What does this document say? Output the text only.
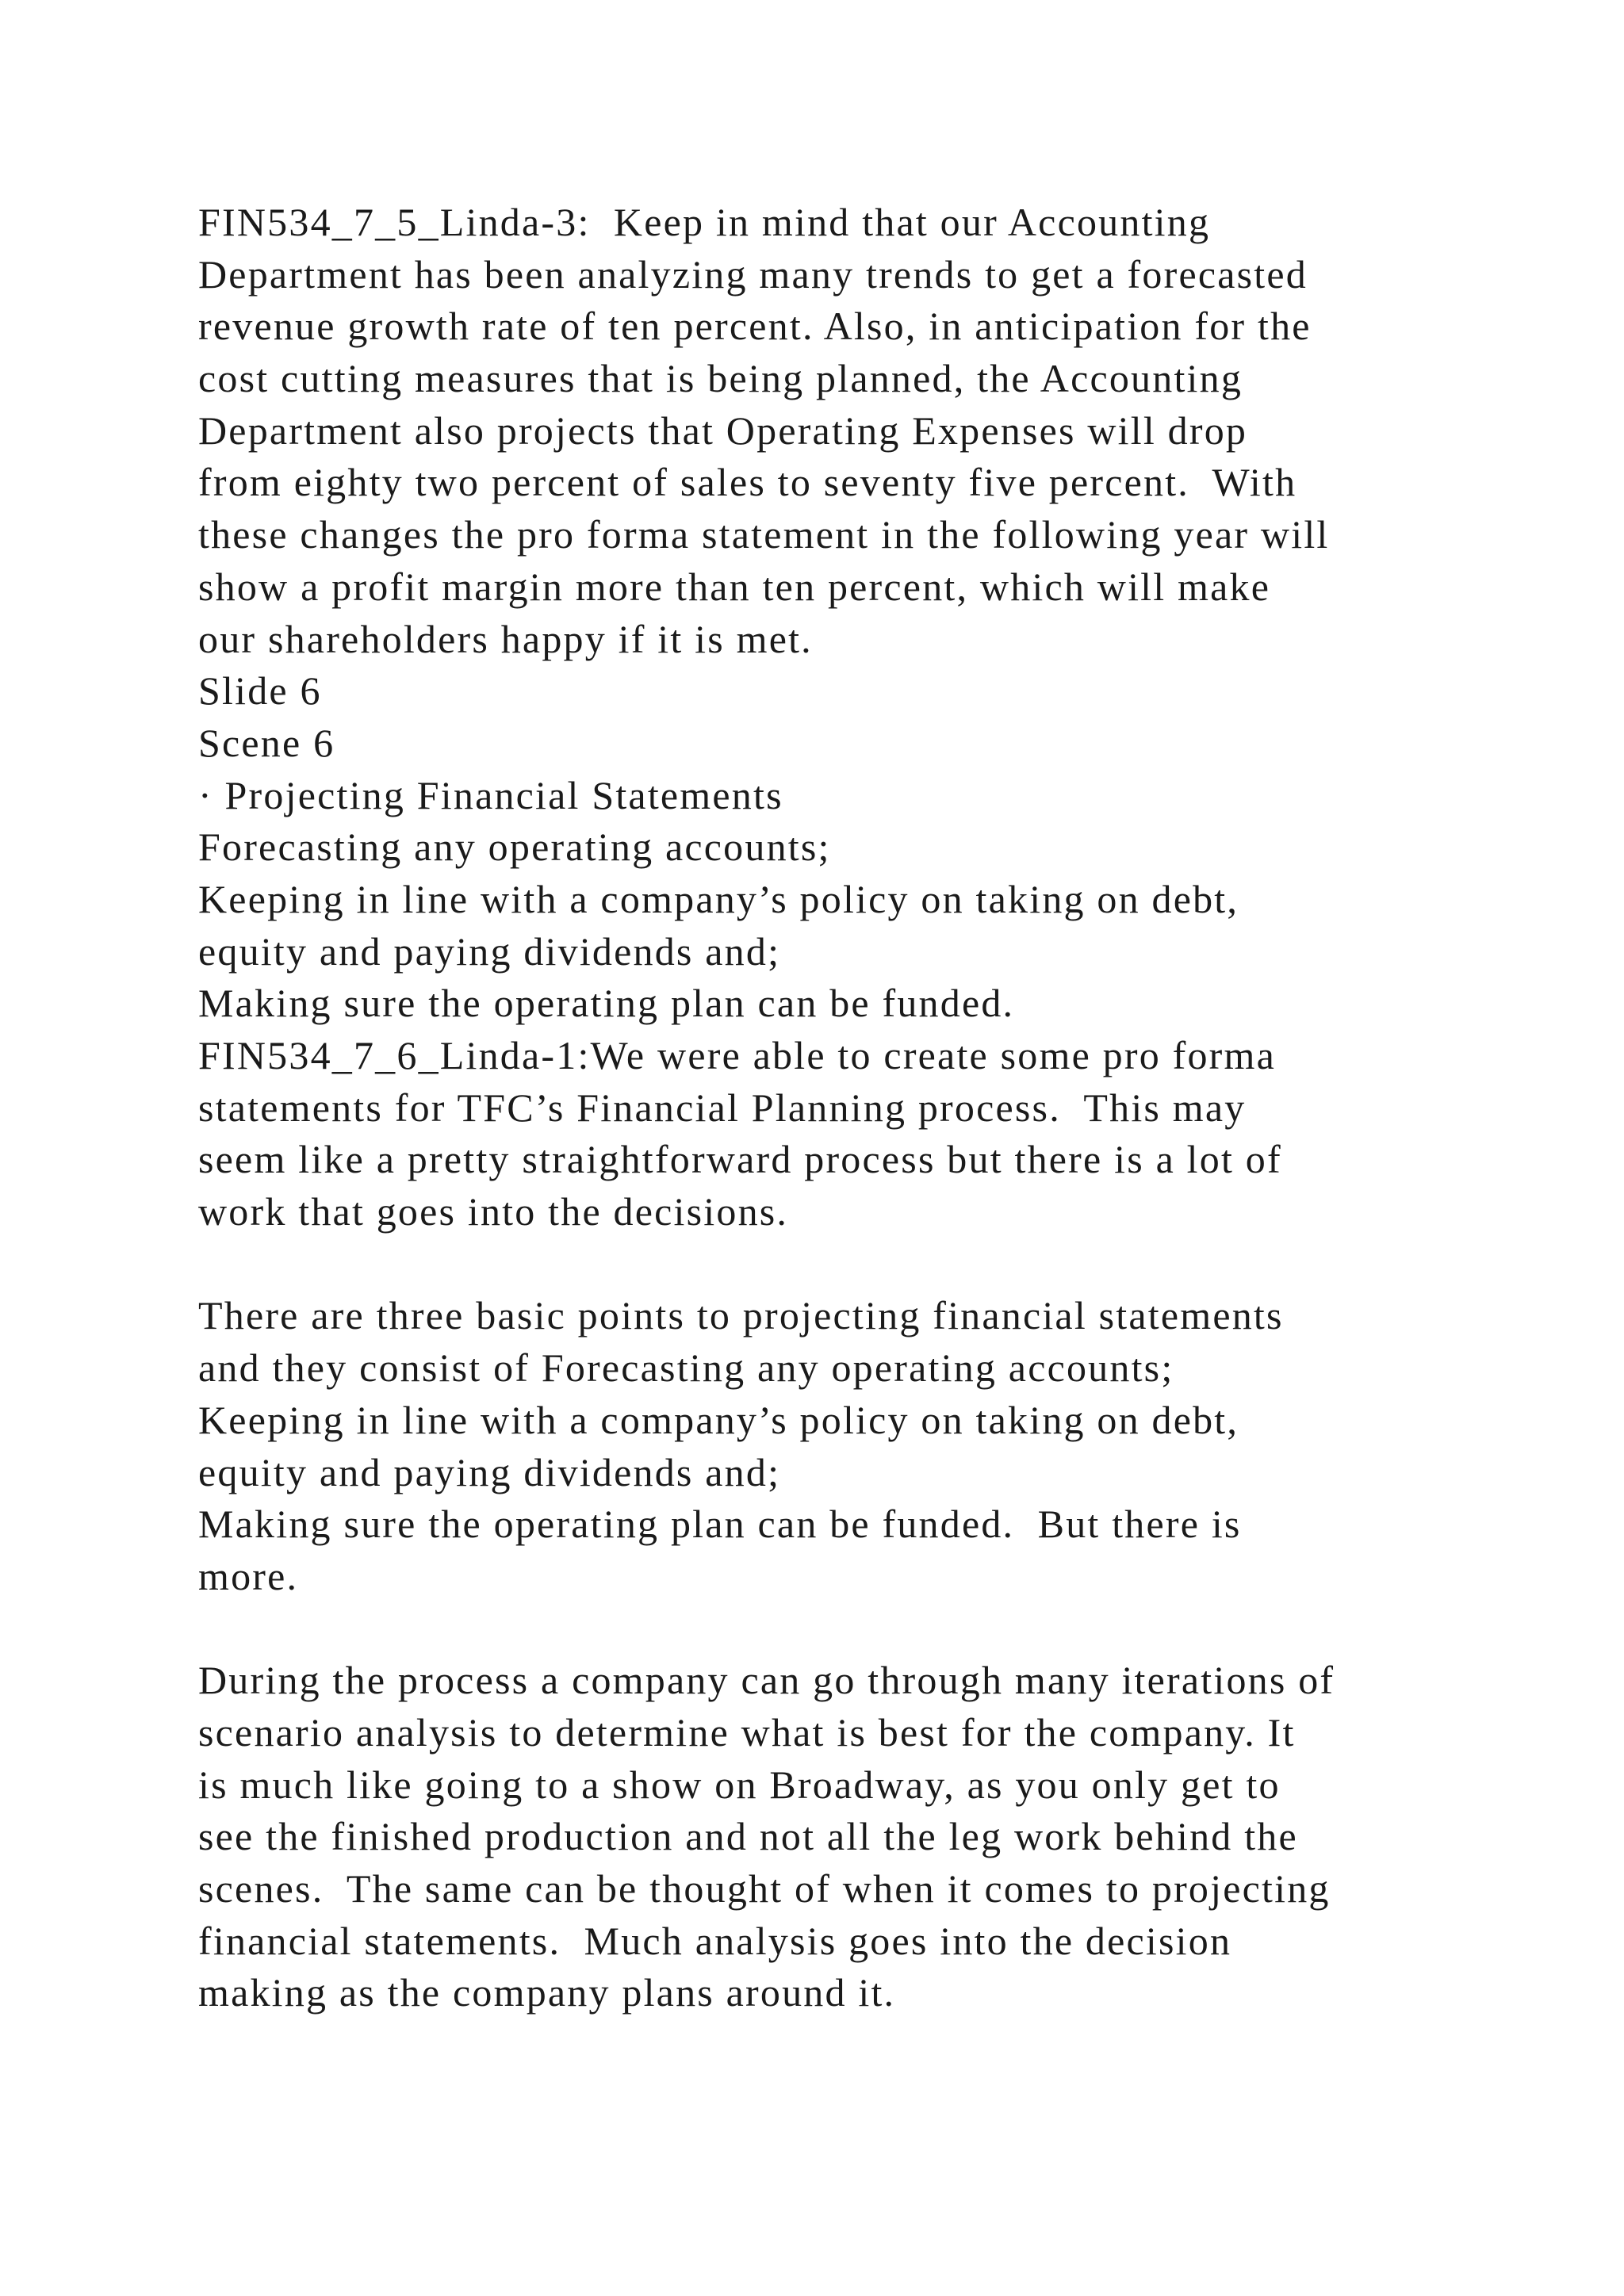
FIN534_7_5_Linda-3:  Keep in mind that our Accounting
Department has been analyzing many trends to get a forecasted
revenue growth rate of ten percent. Also, in anticipation for the
cost cutting measures that is being planned, the Accounting
Department also projects that Operating Expenses will drop
from eighty two percent of sales to seventy five percent.  With
these changes the pro forma statement in the following year will
show a profit margin more than ten percent, which will make
our shareholders happy if it is met.
Slide 6
Scene 6
· Projecting Financial Statements
Forecasting any operating accounts;
Keeping in line with a company’s policy on taking on debt,
equity and paying dividends and;
Making sure the operating plan can be funded.
FIN534_7_6_Linda-1:We were able to create some pro forma
statements for TFC’s Financial Planning process.  This may
seem like a pretty straightforward process but there is a lot of
work that goes into the decisions.
There are three basic points to projecting financial statements
and they consist of Forecasting any operating accounts;
Keeping in line with a company’s policy on taking on debt,
equity and paying dividends and;
Making sure the operating plan can be funded.  But there is
more.
During the process a company can go through many iterations of
scenario analysis to determine what is best for the company. It
is much like going to a show on Broadway, as you only get to
see the finished production and not all the leg work behind the
scenes.  The same can be thought of when it comes to projecting
financial statements.  Much analysis goes into the decision
making as the company plans around it.
